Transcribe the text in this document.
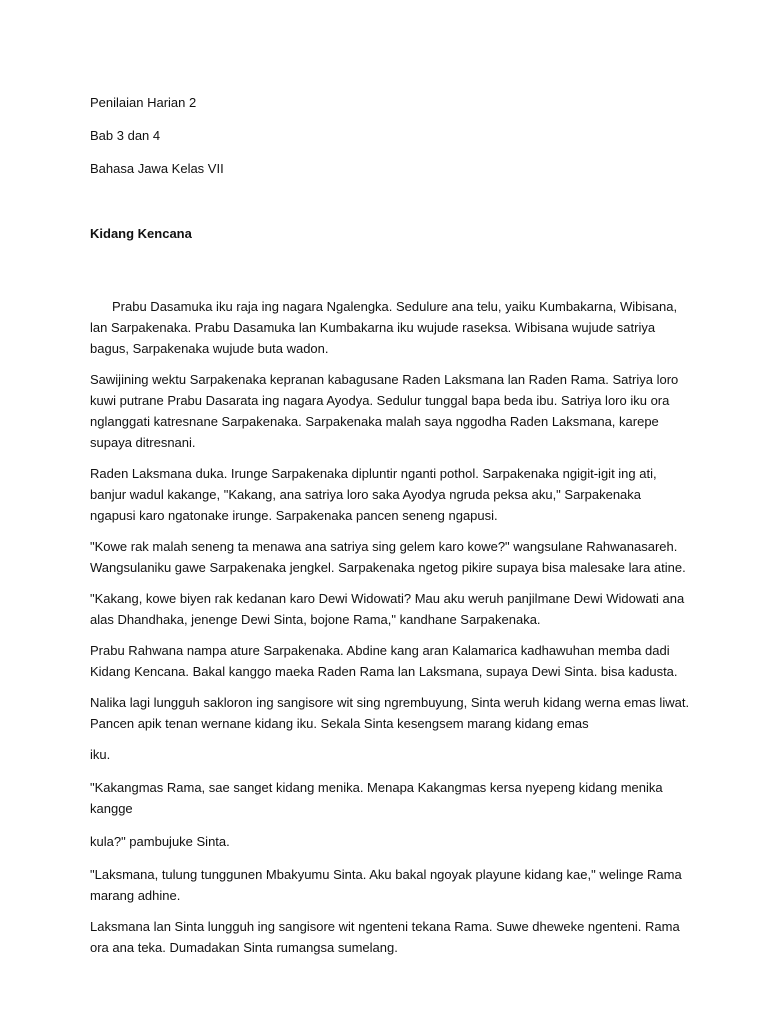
Penilaian Harian 2

Bab 3 dan 4

Bahasa Jawa Kelas VII

Kidang Kencana

Prabu Dasamuka iku raja ing nagara Ngalengka. Sedulure ana telu, yaiku Kumbakarna, Wibisana, lan Sarpakenaka. Prabu Dasamuka lan Kumbakarna iku wujude raseksa. Wibisana wujude satriya bagus, Sarpakenaka wujude buta wadon.

Sawijining wektu Sarpakenaka kepranan kabagusane Raden Laksmana lan Raden Rama. Satriya loro kuwi putrane Prabu Dasarata ing nagara Ayodya. Sedulur tunggal bapa beda ibu. Satriya loro iku ora nglanggati katresnane Sarpakenaka. Sarpakenaka malah saya nggodha Raden Laksmana, karepe supaya ditresnani.

Raden Laksmana duka. Irunge Sarpakenaka dipluntir nganti pothol. Sarpakenaka ngigit-igit ing ati, banjur wadul kakange, "Kakang, ana satriya loro saka Ayodya ngruda peksa aku," Sarpakenaka ngapusi karo ngatonake irunge. Sarpakenaka pancen seneng ngapusi.

"Kowe rak malah seneng ta menawa ana satriya sing gelem karo kowe?" wangsulane Rahwanasareh. Wangsulaniku gawe Sarpakenaka jengkel. Sarpakenaka ngetog pikire supaya bisa malesake lara atine.

"Kakang, kowe biyen rak kedanan karo Dewi Widowati? Mau aku weruh panjilmane Dewi Widowati ana alas Dhandhaka, jenenge Dewi Sinta, bojone Rama," kandhane Sarpakenaka.

Prabu Rahwana nampa ature Sarpakenaka. Abdine kang aran Kalamarica kadhawuhan memba dadi Kidang Kencana. Bakal kanggo maeka Raden Rama lan Laksmana, supaya Dewi Sinta. bisa kadusta.

Nalika lagi lungguh sakloron ing sangisore wit sing ngrembuyung, Sinta weruh kidang werna emas liwat. Pancen apik tenan wernane kidang iku. Sekala Sinta kesengsem marang kidang emas

iku.

"Kakangmas Rama, sae sanget kidang menika. Menapa Kakangmas kersa nyepeng kidang menika kangge

kula?" pambujuke Sinta.

"Laksmana, tulung tunggunen Mbakyumu Sinta. Aku bakal ngoyak playune kidang kae," welinge Rama marang adhine.

Laksmana lan Sinta lungguh ing sangisore wit ngenteni tekana Rama. Suwe dheweke ngenteni. Rama ora ana teka. Dumadakan Sinta rumangsa sumelang.
